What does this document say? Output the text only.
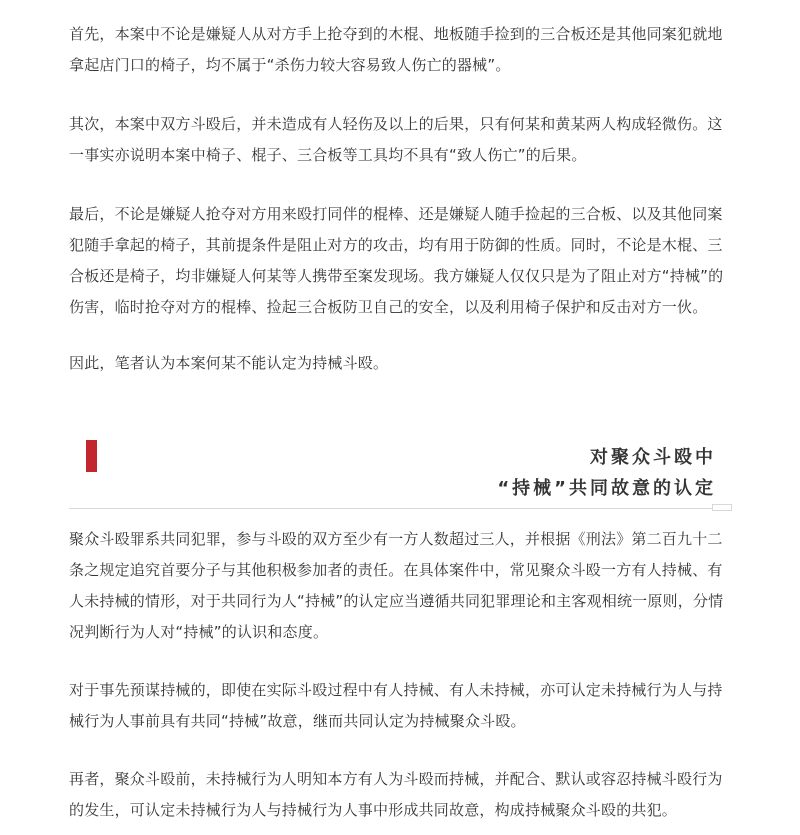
首先，本案中不论是嫌疑人从对方手上抢夺到的木棍、地板随手捡到的三合板还是其他同案犯就地拿起店门口的椅子，均不属于“杀伤力较大容易致人伤亡的器械”。

其次，本案中双方斗殴后，并未造成有人轻伤及以上的后果，只有何某和黄某两人构成轻微伤。这一事实亦说明本案中椅子、棍子、三合板等工具均不具有“致人伤亡”的后果。

最后，不论是嫌疑人抢夺对方用来殴打同伴的棍棒、还是嫌疑人随手捡起的三合板、以及其他同案犯随手拿起的椅子，其前提条件是阻止对方的攻击，均有用于防御的性质。同时，不论是木棍、三合板还是椅子，均非嫌疑人何某等人携带至案发现场。我方嫌疑人仅仅只是为了阻止对方“持械”的伤害，临时抢夺对方的棍棒、捡起三合板防卫自己的安全，以及利用椅子保护和反击对方一伙。

因此，笔者认为本案何某不能认定为持械斗殴。

对聚众斗殴中

“持械”共同故意的认定

聚众斗殴罪系共同犯罪，参与斗殴的双方至少有一方人数超过三人，并根据《刑法》第二百九十二条之规定追究首要分子与其他积极参加者的责任。在具体案件中，常见聚众斗殴一方有人持械、有人未持械的情形，对于共同行为人“持械”的认定应当遵循共同犯罪理论和主客观相统一原则，分情况判断行为人对“持械”的认识和态度。

对于事先预谋持械的，即使在实际斗殴过程中有人持械、有人未持械，亦可认定未持械行为人与持械行为人事前具有共同“持械”故意，继而共同认定为持械聚众斗殴。

再者，聚众斗殴前，未持械行为人明知本方有人为斗殴而持械，并配合、默认或容忍持械斗殴行为的发生，可认定未持械行为人与持械行为人事中形成共同故意，构成持械聚众斗殴的共犯。
